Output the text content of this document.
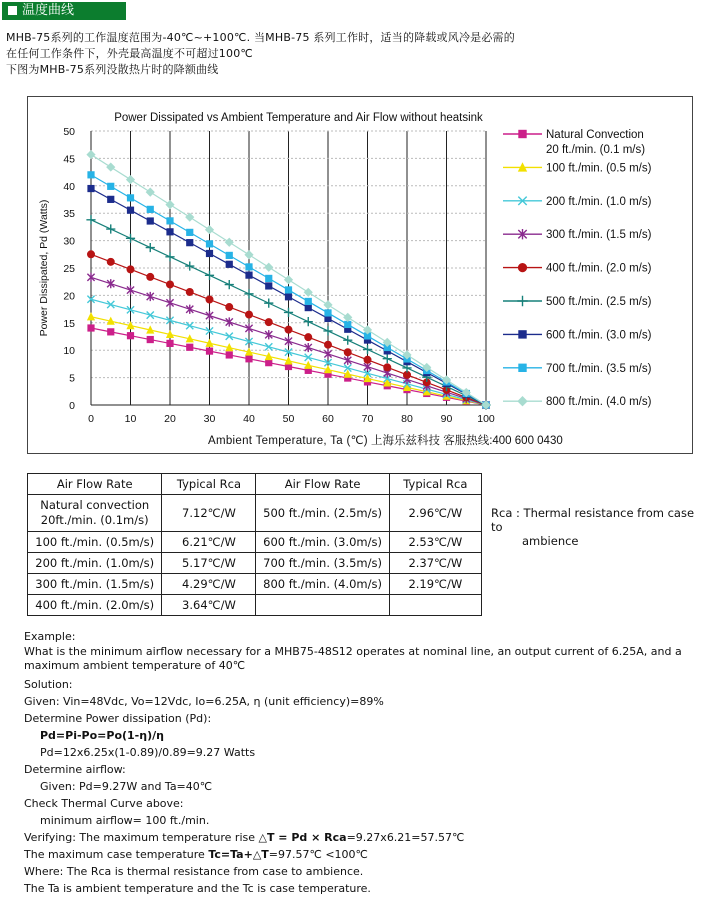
温度曲线
MHB-75系列的工作温度范围为-40℃~+100℃. 当MHB-75 系列工作时，适当的降载或风冷是必需的
在任何工作条件下，外壳最高温度不可超过100℃
下图为MHB-75系列没散热片时的降额曲线
Power Dissipated vs Ambient Temperature and Air Flow without heatsink
0	10	20	30	40	50	60	70	80	90 100
0
5
10
15
20
25
30
35
40
45
50
Ambient Temperature, Ta (℃) 上海乐兹科技 客服热线:400 600 0430
Power Dissipated, Pd (Watts)
Natural Convection
20 ft./min. (0.1 m/s)
100 ft./min. (0.5 m/s)
200 ft./min. (1.0 m/s)
300 ft./min. (1.5 m/s)
400 ft./min. (2.0 m/s)
500 ft./min. (2.5 m/s)
600 ft./min. (3.0 m/s)
700 ft./min. (3.5 m/s)
800 ft./min. (4.0 m/s)
Air Flow Rate	Typical Rca	Air Flow Rate	Typical Rca

Natural convection
20ft./min. (0.1m/s)	7.12℃/W	500 ft./min. (2.5m/s)	2.96℃/W
100 ft./min. (0.5m/s)	6.21℃/W	600 ft./min. (3.0m/s)	2.53℃/W
200 ft./min. (1.0m/s)	5.17℃/W	700 ft./min. (3.5m/s)	2.37℃/W
300 ft./min. (1.5m/s)	4.29℃/W	800 ft./min. (4.0m/s)	2.19℃/W
400 ft./min. (2.0m/s)	3.64℃/W		
Rca : Thermal resistance from case to
ambience
Example:
What is the minimum airflow necessary for a MHB75-48S12 operates at nominal line, an output current of 6.25A, and a maximum ambient temperature of 40℃
Solution:
Given: Vin=48Vdc, Vo=12Vdc, Io=6.25A, η (unit efficiency)=89%
Determine Power dissipation (Pd):
Pd=Pi-Po=Po(1-η)/η
Pd=12x6.25x(1-0.89)/0.89=9.27 Watts
Determine airflow:
Given: Pd=9.27W and Ta=40℃
Check Thermal Curve above:
minimum airflow= 100 ft./min.
Verifying: The maximum temperature rise △T = Pd × Rca=9.27x6.21=57.57℃
The maximum case temperature Tc=Ta+△T=97.57℃ <100℃
Where: The Rca is thermal resistance from case to ambience.
The Ta is ambient temperature and the Tc is case temperature.
